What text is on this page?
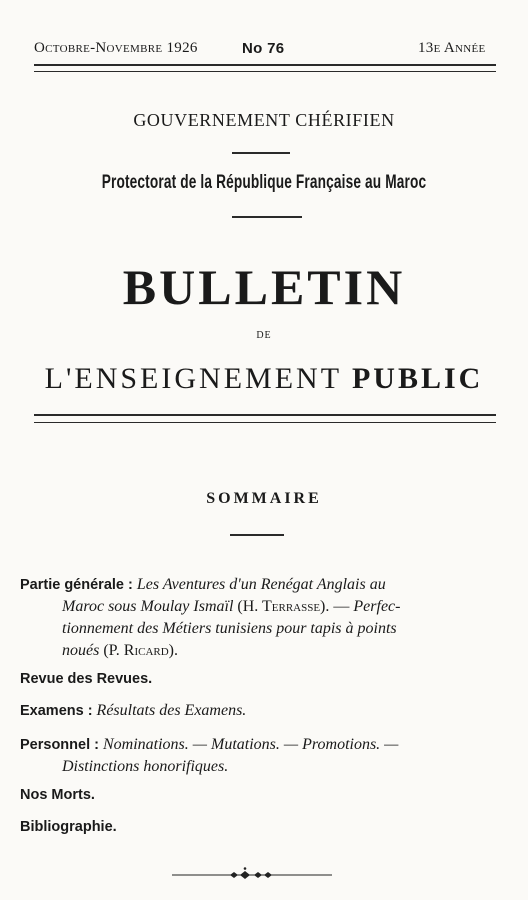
Octobre-Novembre 1926	No 76	13e Année
GOUVERNEMENT CHÉRIFIEN
Protectorat de la République Française au Maroc
BULLETIN
DE
L'ENSEIGNEMENT PUBLIC
SOMMAIRE
Partie générale : Les Aventures d'un Renégat Anglais au
Maroc sous Moulay Ismaïl (H. Terrasse). — Perfec-
tionnement des Métiers tunisiens pour tapis à points
noués (P. Ricard).
Revue des Revues.
Examens : Résultats des Examens.
Personnel : Nominations. — Mutations. — Promotions. —
Distinctions honorifiques.
Nos Morts.
Bibliographie.
